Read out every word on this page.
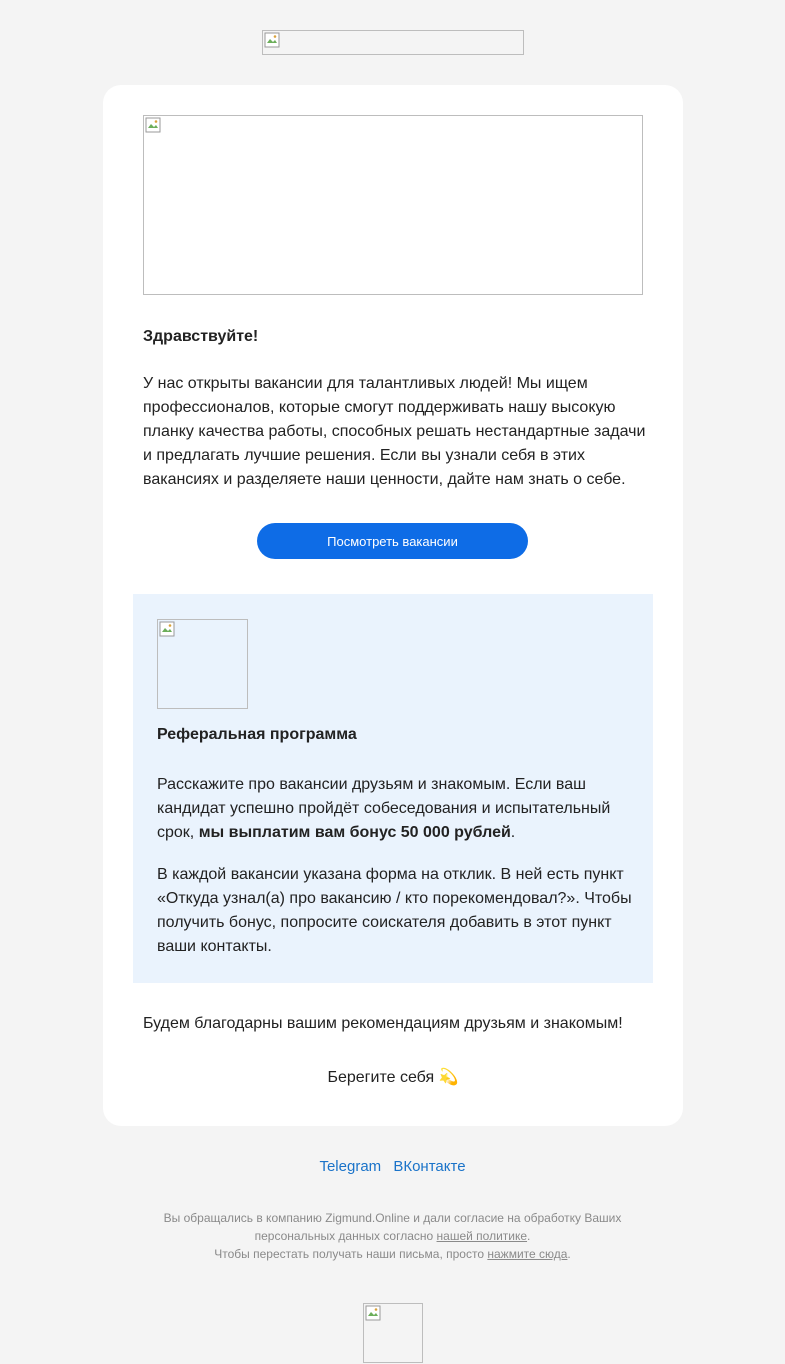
Здравствуйте!

У нас открыты вакансии для талантливых людей! Мы ищем профессионалов, которые смогут поддерживать нашу высокую планку качества работы, способных решать нестандартные задачи и предлагать лучшие решения. Если вы узнали себя в этих вакансиях и разделяете наши ценности, дайте нам знать о себе.

Посмотреть вакансии

Реферальная программа

Расскажите про вакансии друзьям и знакомым. Если ваш кандидат успешно пройдёт собеседования и испытательный срок, мы выплатим вам бонус 50 000 рублей.

В каждой вакансии указана форма на отклик. В ней есть пункт «Откуда узнал(а) про вакансию / кто порекомендовал?». Чтобы получить бонус, попросите соискателя добавить в этот пункт ваши контакты.

Будем благодарны вашим рекомендациям друзьям и знакомым!

Берегите себя 💫

Telegram ВКонтакте
Вы обращались в компанию Zigmund.Online и дали согласие на обработку Ваших персональных данных согласно нашей политике.
Чтобы перестать получать наши письма, просто нажмите сюда.
